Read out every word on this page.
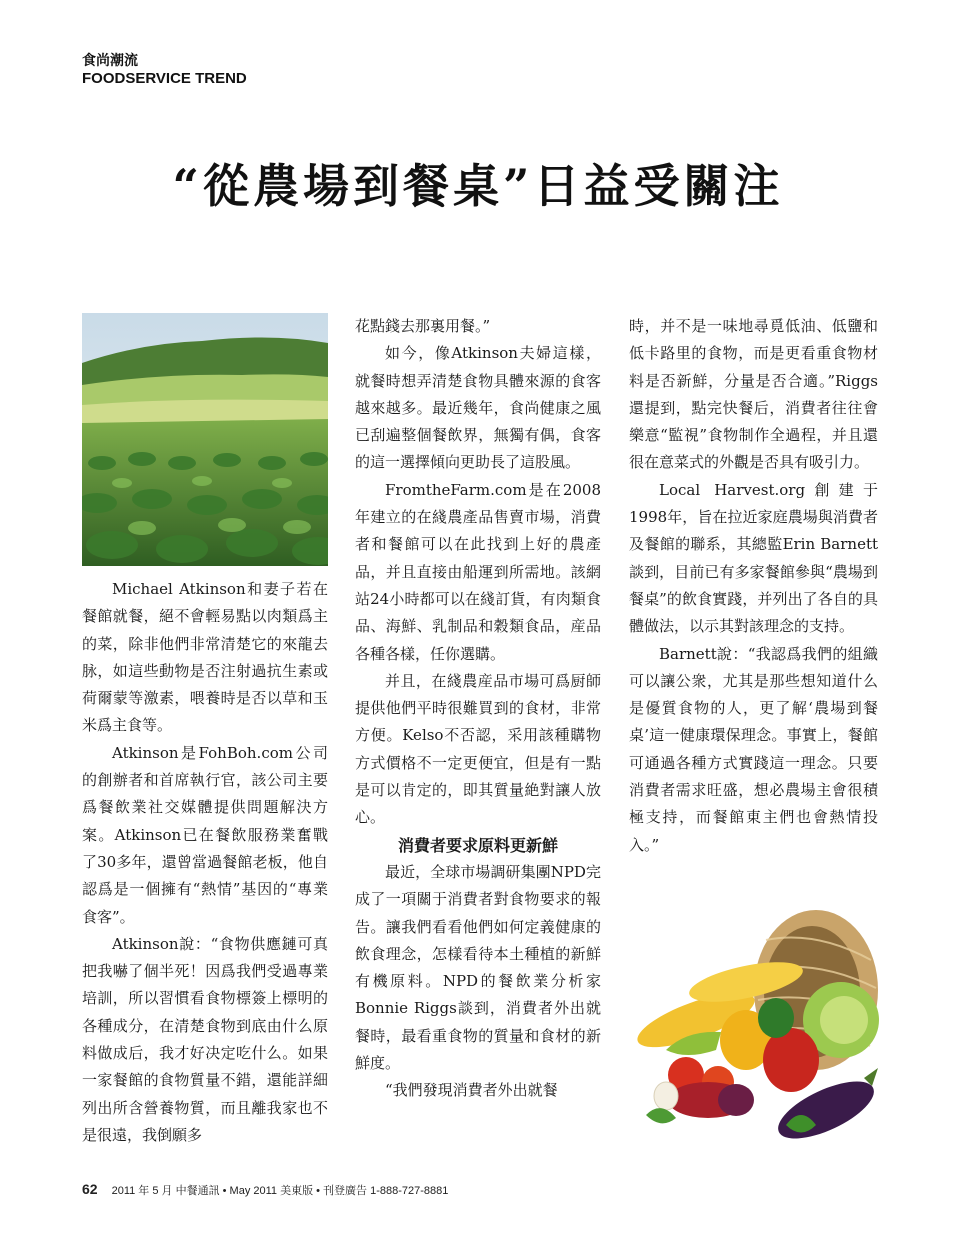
食尚潮流
FOODSERVICE TREND
“從農場到餐桌”日益受關注

Michael Atkinson和妻子若在餐館就餐，絕不會輕易點以肉類爲主的菜，除非他們非常清楚它的來龍去脉，如這些動物是否注射過抗生素或荷爾蒙等激素，喂養時是否以草和玉米爲主食等。

Atkinson是FohBoh.com公司的創辦者和首席執行官，該公司主要爲餐飲業社交媒體提供問題解決方案。Atkinson已在餐飲服務業奮戰了30多年，還曾當過餐館老板，他自認爲是一個擁有“熱情”基因的“專業食客”。

Atkinson說：“食物供應鏈可真把我嚇了個半死！因爲我們受過專業培訓，所以習慣看食物標簽上標明的各種成分，在清楚食物到底由什么原料做成后，我才好决定吃什么。如果一家餐館的食物質量不錯，還能詳細列出所含營養物質，而且離我家也不是很遠，我倒願多

花點錢去那裏用餐。”

如今，像Atkinson夫婦這樣，就餐時想弄清楚食物具體來源的食客越來越多。最近幾年，食尚健康之風已刮遍整個餐飲界，無獨有偶，食客的這一選擇傾向更助長了這股風。

FromtheFarm.com是在2008年建立的在綫農產品售賣市場，消費者和餐館可以在此找到上好的農產品，并且直接由船運到所需地。該網站24小時都可以在綫訂貨，有肉類食品、海鮮、乳制品和穀類食品，産品各種各樣，任你選購。

并且，在綫農産品市場可爲厨師提供他們平時很難買到的食材，非常方便。Kelso不否認，采用該種購物方式價格不一定更便宜，但是有一點是可以肯定的，即其質量絶對讓人放心。

消費者要求原料更新鮮

最近，全球市場調研集團NPD完成了一項關于消費者對食物要求的報告。讓我們看看他們如何定義健康的飲食理念，怎樣看待本土種植的新鮮有機原料。NPD的餐飲業分析家Bonnie Riggs談到，消費者外出就餐時，最看重食物的質量和食材的新鮮度。

“我們發現消費者外出就餐

時，并不是一味地尋覓低油、低鹽和低卡路里的食物，而是更看重食物材料是否新鮮，分量是否合適。”Riggs還提到，點完快餐后，消費者往往會樂意“監視”食物制作全過程，并且還很在意菜式的外觀是否具有吸引力。

Local Harvest.org創建于1998年，旨在拉近家庭農場與消費者及餐館的聯系，其總監Erin Barnett談到，目前已有多家餐館參與“農場到餐桌”的飲食實踐，并列出了各自的具體做法，以示其對該理念的支持。

Barnett說：“我認爲我們的組織可以讓公衆，尤其是那些想知道什么是優質食物的人，更了解‘農場到餐桌’這一健康環保理念。事實上，餐館可通過各種方式實踐這一理念。只要消費者需求旺盛，想必農場主會很積極支持，而餐館東主們也會熱情投入。”

62 2011 年 5 月 中餐通訊 • May 2011 美東版 • 刊登廣告 1-888-727-8881
